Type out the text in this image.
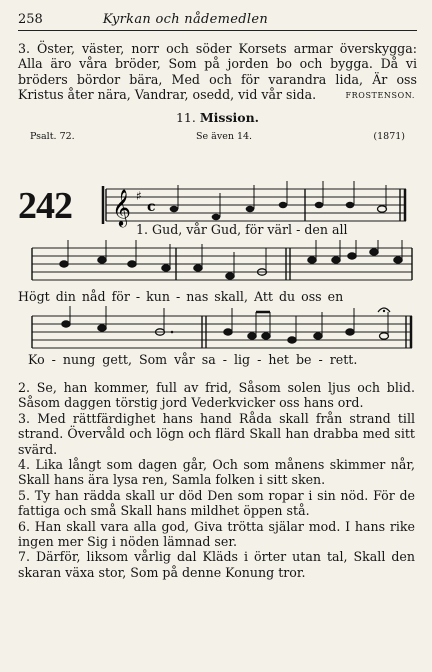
258	Kyrkan och nådemedlen

3. Öster, väster, norr och söder Korsets armar överskygga: Alla äro våra bröder, Som på jorden bo och bygga. Då vi bröders bördor bära, Med och för varandra lida, Är oss Kristus åter nära, Vandrar, osedd, vid vår sida.	FROSTENSON.
11. Mission.
Psalt. 72.	Se även 14.	(1871)
242 𝄞 ♯
c
1. Gud, vår Gud, för värl - den all
Högt din nåd för - kun - nas skall, Att du oss en
Ko - nung gett, Som vår sa - lig - het be - rett.

2. Se, han kommer, full av frid, Såsom solen ljus och blid. Såsom daggen törstig jord Vederkvicker oss hans ord.

3. Med rättfärdighet hans hand Råda skall från strand till strand. Övervåld och lögn och flärd Skall han drabba med sitt svärd.

4. Lika långt som dagen går, Och som månens skimmer når, Skall hans ära lysa ren, Samla folken i sitt sken.

5. Ty han rädda skall ur död Den som ropar i sin nöd. För de fattiga och små Skall hans mildhet öppen stå.

6. Han skall vara alla god, Giva trötta själar mod. I hans rike ingen mer Sig i nöden lämnad ser.

7. Därför, liksom vårlig dal Kläds i örter utan tal, Skall den skaran växa stor, Som på denne Konung tror.
